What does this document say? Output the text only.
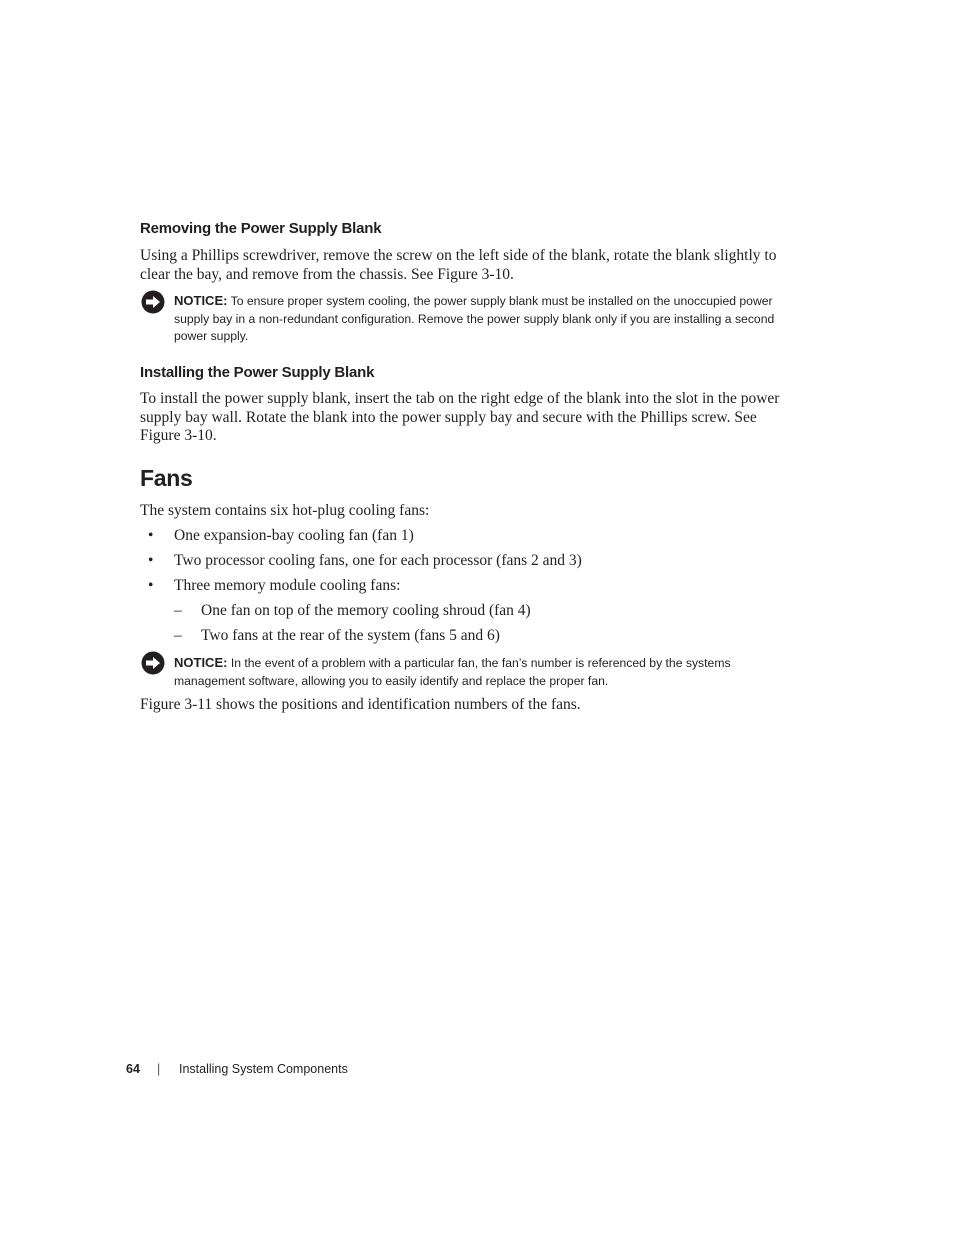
Removing the Power Supply Blank
Using a Phillips screwdriver, remove the screw on the left side of the blank, rotate the blank slightly to
clear the bay, and remove from the chassis. See Figure 3-10.
NOTICE: To ensure proper system cooling, the power supply blank must be installed on the unoccupied power
supply bay in a non-redundant configuration. Remove the power supply blank only if you are installing a second
power supply.
Installing the Power Supply Blank
To install the power supply blank, insert the tab on the right edge of the blank into the slot in the power
supply bay wall. Rotate the blank into the power supply bay and secure with the Phillips screw. See
Figure 3-10.
Fans
The system contains six hot-plug cooling fans:
• One expansion-bay cooling fan (fan 1)
• Two processor cooling fans, one for each processor (fans 2 and 3)
• Three memory module cooling fans:
– One fan on top of the memory cooling shroud (fan 4)
– Two fans at the rear of the system (fans 5 and 6)
NOTICE: In the event of a problem with a particular fan, the fan’s number is referenced by the systems
management software, allowing you to easily identify and replace the proper fan.
Figure 3-11 shows the positions and identification numbers of the fans.
64 | Installing System Components
